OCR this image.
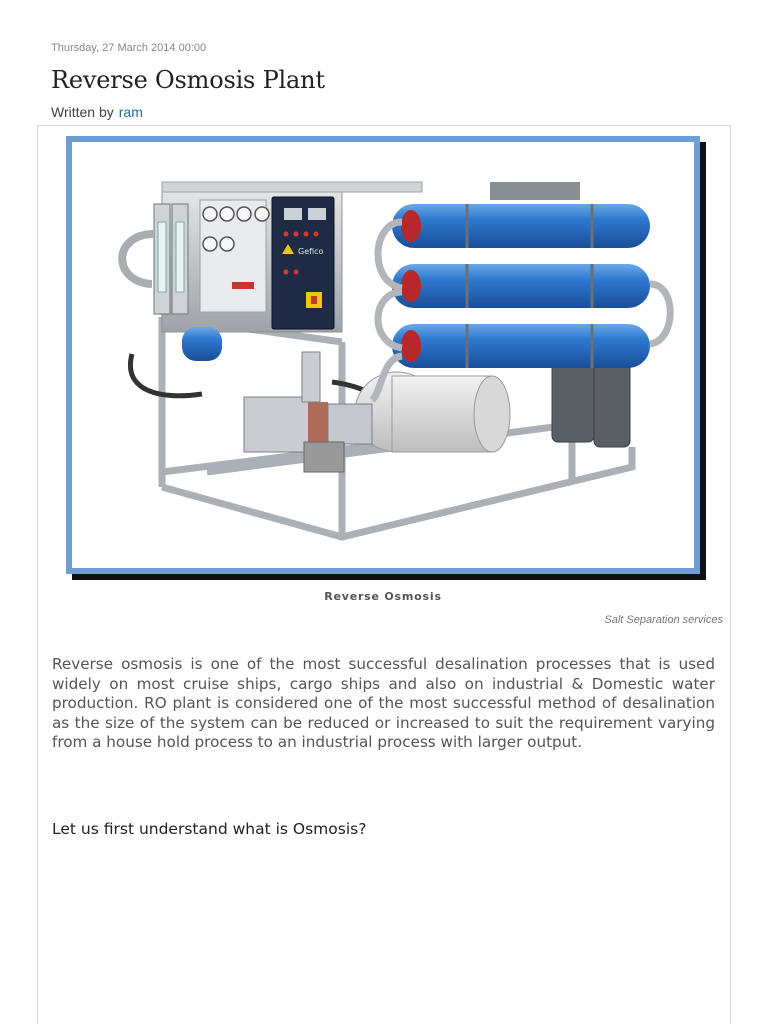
Thursday, 27 March 2014 00:00
Reverse Osmosis Plant
Written by ram
Gefico
Reverse Osmosis
Salt Separation services

Reverse osmosis is one of the most successful desalination processes that is used widely on most cruise ships, cargo ships and also on industrial & Domestic water production. RO plant is considered one of the most successful method of desalination as the size of the system can be reduced or increased to suit the requirement varying from a house hold process to an industrial process with larger output.

Let us first understand what is Osmosis?
